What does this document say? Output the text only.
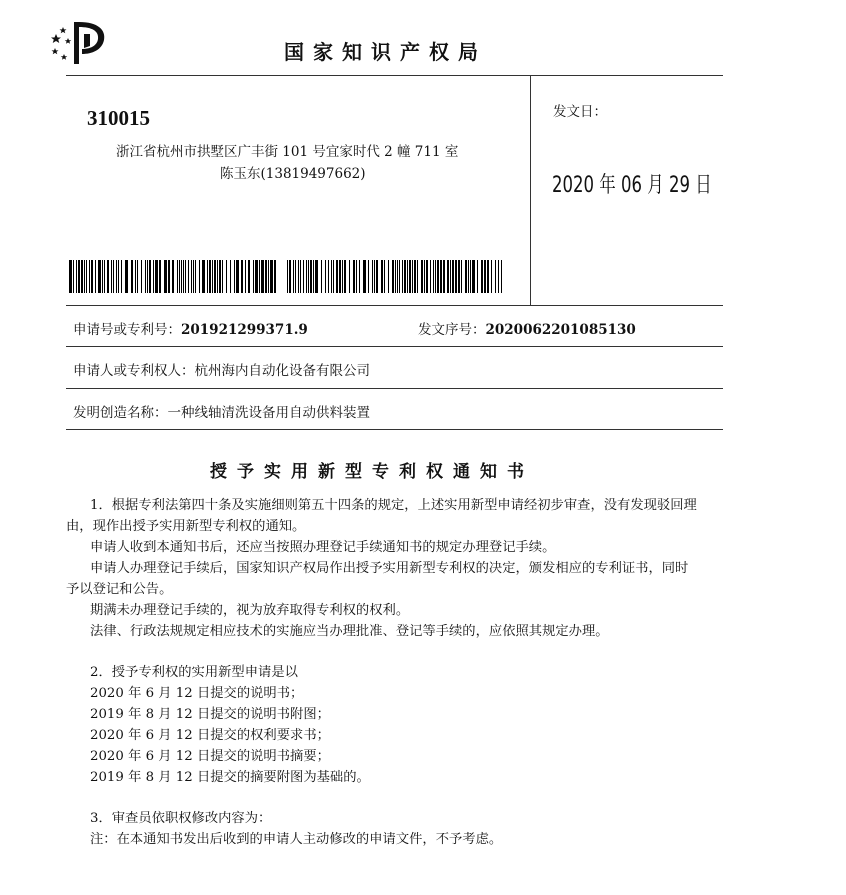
国家知识产权局
310015
浙江省杭州市拱墅区广丰街 101 号宜家时代 2 幢 711 室
陈玉东(13819497662)
发文日：
2020 年 06 月 29 日
申请号或专利号：201921299371.9	发文序号：2020062201085130
申请人或专利权人：杭州海内自动化设备有限公司
发明创造名称：一种线轴清洗设备用自动供料装置
授予实用新型专利权通知书

1．根据专利法第四十条及实施细则第五十四条的规定，上述实用新型申请经初步审查，没有发现驳回理

由，现作出授予实用新型专利权的通知。

申请人收到本通知书后，还应当按照办理登记手续通知书的规定办理登记手续。

申请人办理登记手续后，国家知识产权局作出授予实用新型专利权的决定，颁发相应的专利证书，同时

予以登记和公告。

期满未办理登记手续的，视为放弃取得专利权的权利。

法律、行政法规规定相应技术的实施应当办理批准、登记等手续的，应依照其规定办理。

2．授予专利权的实用新型申请是以

2020 年 6 月 12 日提交的说明书；

2019 年 8 月 12 日提交的说明书附图；

2020 年 6 月 12 日提交的权利要求书；

2020 年 6 月 12 日提交的说明书摘要；

2019 年 8 月 12 日提交的摘要附图为基础的。

3．审查员依职权修改内容为：

注：在本通知书发出后收到的申请人主动修改的申请文件，不予考虑。
